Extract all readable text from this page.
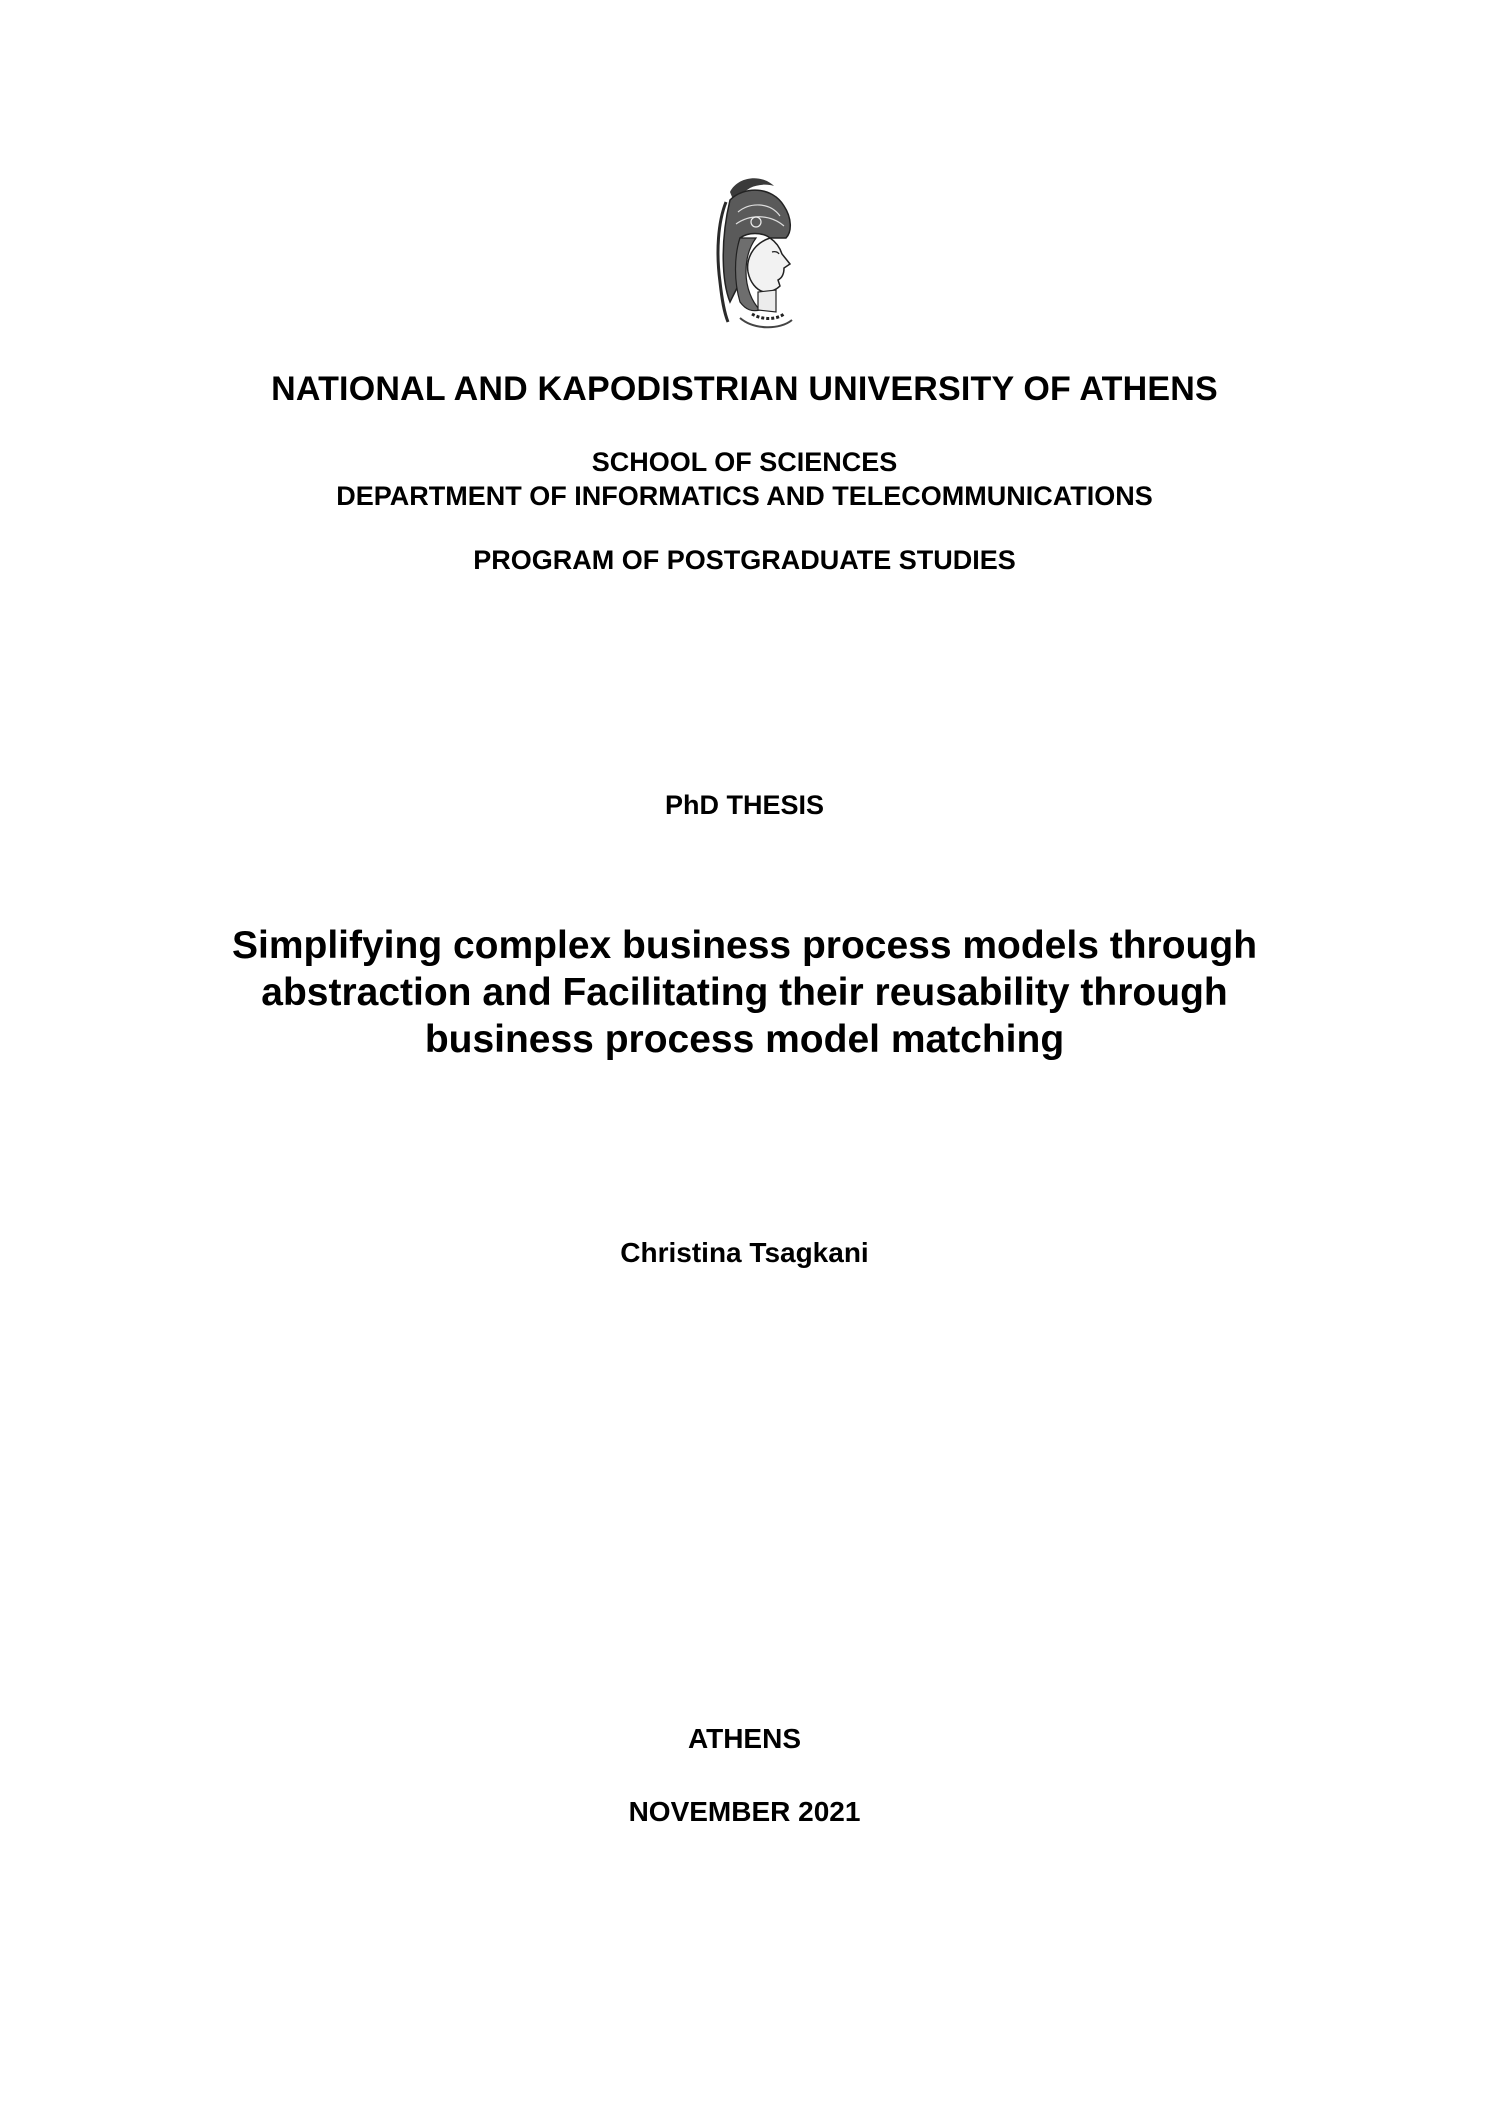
NATIONAL AND KAPODISTRIAN UNIVERSITY OF ATHENS

SCHOOL OF SCIENCES
DEPARTMENT OF INFORMATICS AND TELECOMMUNICATIONS

PROGRAM OF POSTGRADUATE STUDIES

PhD THESIS

Simplifying complex business process models through
abstraction and Facilitating their reusability through
business process model matching

Christina Tsagkani

ATHENS

NOVEMBER 2021
